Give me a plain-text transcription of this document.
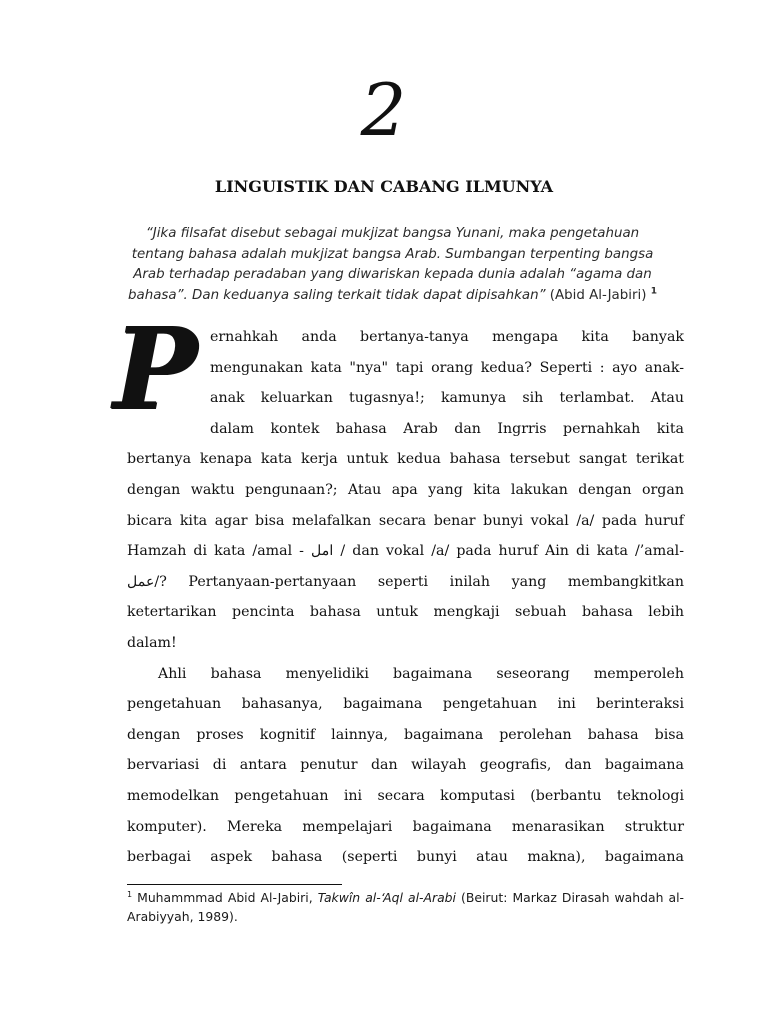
2
LINGUISTIK DAN CABANG ILMUNYA
“Jika filsafat disebut sebagai mukjizat bangsa Yunani, maka pengetahuan tentang bahasa adalah mukjizat bangsa Arab. Sumbangan terpenting bangsa Arab terhadap peradaban yang diwariskan kepada dunia adalah “agama dan bahasa”. Dan keduanya saling terkait tidak dapat dipisahkan” (Abid Al-Jabiri) $^1$
P ernahkah anda bertanya-tanya mengapa kita banyak
mengunakan kata "nya" tapi orang kedua? Seperti : ayo anak-
anak keluarkan tugasnya!; kamunya sih terlambat. Atau
dalam kontek bahasa Arab dan Ingrris pernahkah kita
bertanya kenapa kata kerja untuk kedua bahasa tersebut sangat terikat
dengan waktu pengunaan?; Atau apa yang kita lakukan dengan organ
bicara kita agar bisa melafalkan secara benar bunyi vokal /a/ pada huruf
Hamzah di kata /amal - امل / dan vokal /a/ pada huruf Ain di kata /’amal-
عمل/? Pertanyaan-pertanyaan seperti inilah yang membangkitkan
ketertarikan pencinta bahasa untuk mengkaji sebuah bahasa lebih
dalam!
Ahli bahasa menyelidiki bagaimana seseorang memperoleh
pengetahuan bahasanya, bagaimana pengetahuan ini berinteraksi
dengan proses kognitif lainnya, bagaimana perolehan bahasa bisa
bervariasi di antara penutur dan wilayah geografis, dan bagaimana
memodelkan pengetahuan ini secara komputasi (berbantu teknologi
komputer). Mereka mempelajari bagaimana menarasikan struktur
berbagai aspek bahasa (seperti bunyi atau makna), bagaimana
$^1$ Muhammmad Abid Al-Jabiri, Takwîn al-‘Aql al-Arabi (Beirut: Markaz Dirasah wahdah al-Arabiyyah, 1989).
